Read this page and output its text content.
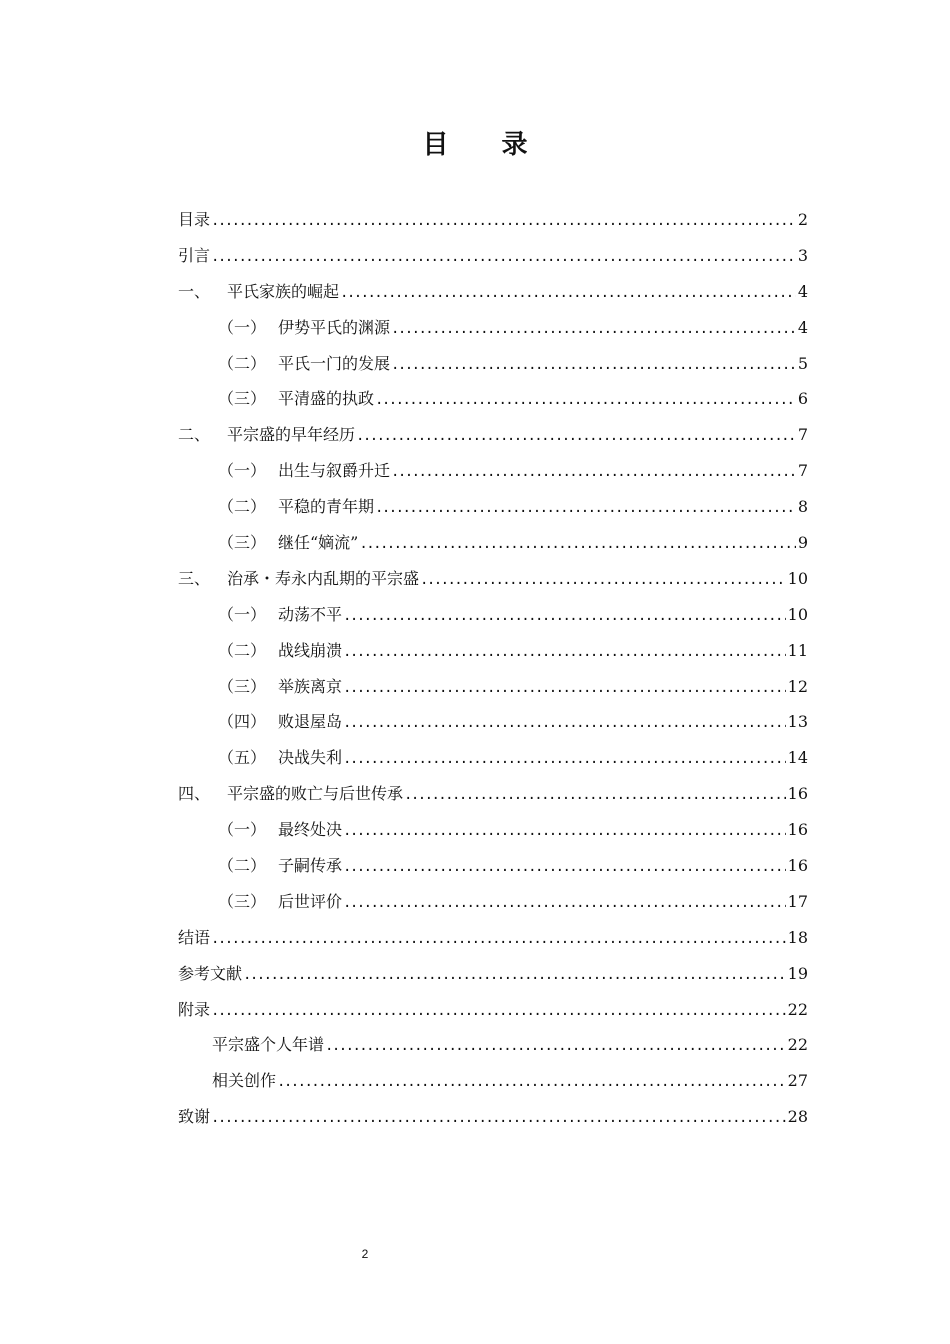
目 录
目录 . . .	2
引言 . . .	3
一、	平氏家族的崛起 . . .	4
（一） 伊势平氏的渊源 . . .	4
（二） 平氏一门的发展 . . .	5
（三） 平清盛的执政 . . .	6
二、	平宗盛的早年经历 . . .	7
（一） 出生与叙爵升迁 . . .	7
（二） 平稳的青年期 . . .	8
（三） 继任“嫡流” . . .	9
三、	治承・寿永内乱期的平宗盛 . . .	10
（一） 动荡不平 . . .	10
（二） 战线崩溃 . . .	11
（三） 举族离京 . . .	12
（四） 败退屋岛 . . .	13
（五） 决战失利 . . .	14
四、	平宗盛的败亡与后世传承 . . .	16
（一） 最终处决 . . .	16
（二） 子嗣传承 . . .	16
（三） 后世评价 . . .	17
结语 . . .	18
参考文献 . . .	19
附录 . . .	22
平宗盛个人年谱 . . .	22
相关创作 . . .	27
致谢 . . .	28
2
